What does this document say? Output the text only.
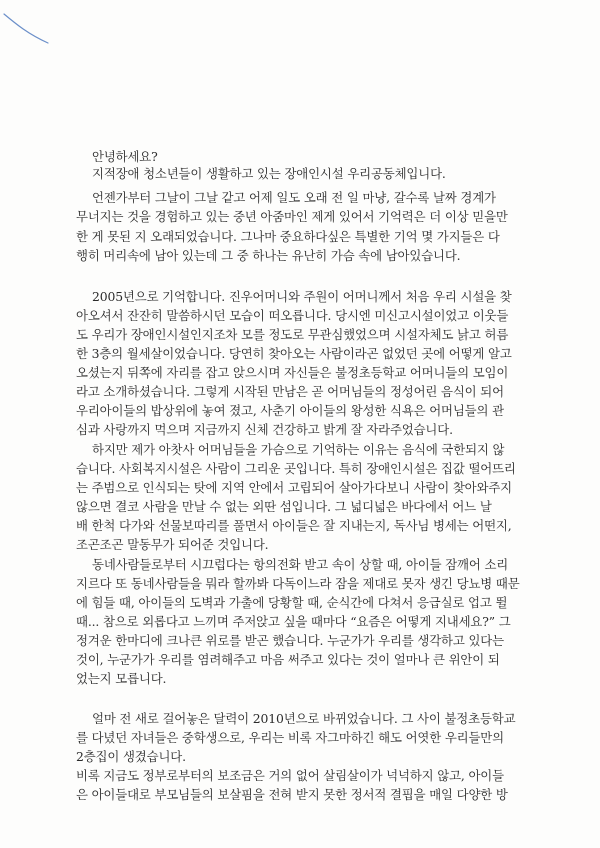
안녕하세요?
지적장애 청소년들이 생활하고 있는 장애인시설 우리공동체입니다.
언젠가부터 그날이 그날 같고 어제 일도 오래 전 일 마냥, 갈수록 날짜 경계가
무너지는 것을 경험하고 있는 중년 아줌마인 제게 있어서 기억력은 더 이상 믿을만
한 게 못된 지 오래되었습니다. 그나마 중요하다싶은 특별한 기억 몇 가지들은 다
행히 머리속에 남아 있는데 그 중 하나는 유난히 가슴 속에 남아있습니다.
2005년으로 기억합니다. 진우어머니와 주원이 어머니께서 처음 우리 시설을 찾
아오셔서 잔잔히 말씀하시던 모습이 떠오릅니다. 당시엔 미신고시설이었고 이웃들
도 우리가 장애인시설인지조차 모를 정도로 무관심했었으며 시설자체도 낡고 허름
한 3층의 월세살이었습니다. 당연히 찾아오는 사람이라곤 없었던 곳에 어떻게 알고
오셨는지 뒤쪽에 자리를 잡고 앉으시며 자신들은 불정초등학교 어머니들의 모임이
라고 소개하셨습니다. 그렇게 시작된 만남은 곧 어머님들의 정성어린 음식이 되어
우리아이들의 밥상위에 놓여 졌고, 사춘기 아이들의 왕성한 식욕은 어머님들의 관
심과 사랑까지 먹으며 지금까지 신체 건강하고 밝게 잘 자라주었습니다.
하지만 제가 아찻사 어머님들을 가슴으로 기억하는 이유는 음식에 국한되지 않
습니다. 사회복지시설은 사람이 그리운 곳입니다. 특히 장애인시설은 집값 떨어뜨리
는 주범으로 인식되는 탓에 지역 안에서 고립되어 살아가다보니 사람이 찾아와주지
않으면 결코 사람을 만날 수 없는 외딴 섬입니다. 그 넓디넓은 바다에서 어느 날
배 한척 다가와 선물보따리를 풀면서 아이들은 잘 지내는지, 독사님 병세는 어떤지,
조곤조곤 말동무가 되어준 것입니다.
동네사람들로부터 시끄럽다는 항의전화 받고 속이 상할 때, 아이들 잠깨어 소리
지르다 또 동네사람들을 뭐라 할까봐 다독이느라 잠을 제대로 못자 생긴 당뇨병 때문
에 힘들 때, 아이들의 도벽과 가출에 당황할 때, 순식간에 다쳐서 응급실로 업고 뛸
때... 참으로 외롭다고 느끼며 주저앉고 싶을 때마다 “요즘은 어떻게 지내세요?” 그
정겨운 한마디에 크나큰 위로를 받곤 했습니다. 누군가가 우리를 생각하고 있다는
것이, 누군가가 우리를 염려해주고 마음 써주고 있다는 것이 얼마나 큰 위안이 되
었는지 모릅니다.
얼마 전 새로 걸어놓은 달력이 2010년으로 바뀌었습니다. 그 사이 불정초등학교
를 다녔던 자녀들은 중학생으로, 우리는 비록 자그마하긴 해도 어엿한 우리들만의
2층집이 생겼습니다.
비록 지금도 정부로부터의 보조금은 거의 없어 살림살이가 넉넉하지 않고, 아이들
은 아이들대로 부모님들의 보살핌을 전혀 받지 못한 정서적 결핍을 매일 다양한 방
